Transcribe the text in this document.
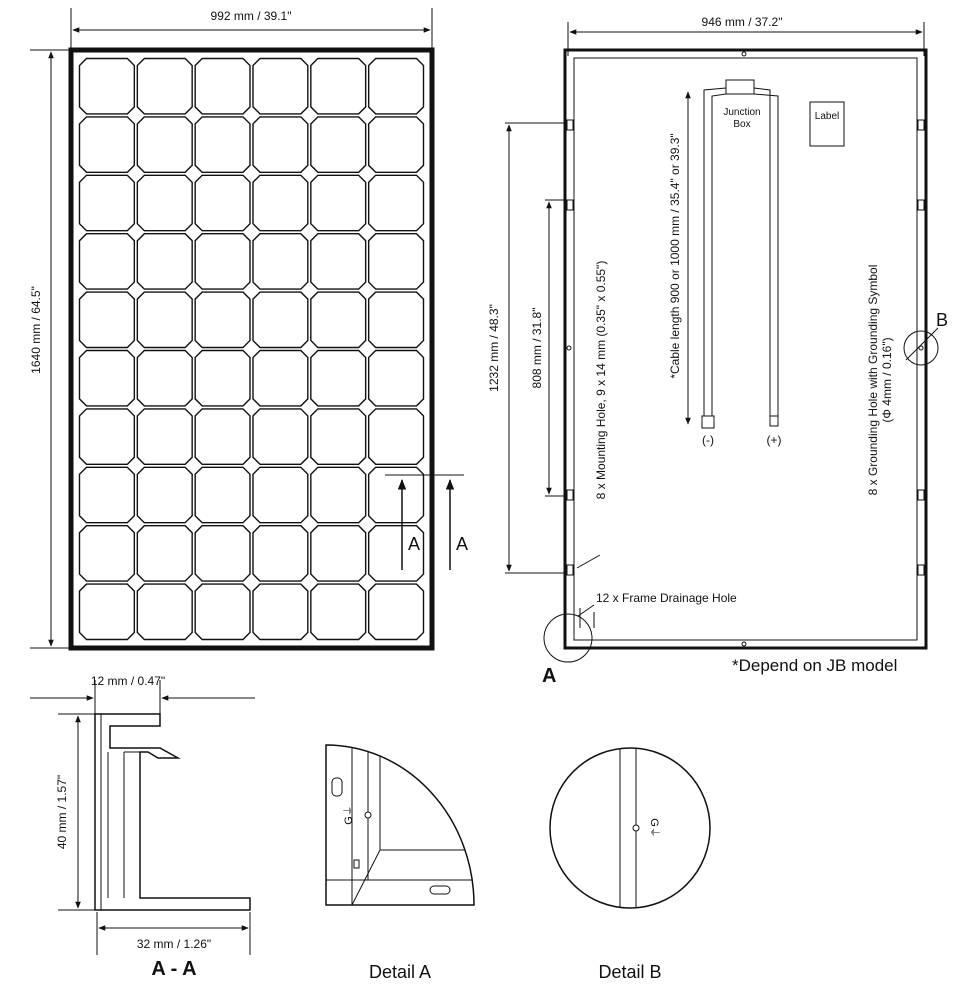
992 mm / 39.1"
1640 mm / 64.5"
A A
946 mm / 37.2"
1232 mm / 48.3" 808 mm / 31.8"	8 x Mounting Hole, 9 x 14 mm (0.35" x 0.55")
Junction
Box
(-)	(+)
*Cable length 900 or 1000 mm / 35.4" or 39.3"
Label
8 x Grounding Hole with Grounding Symbol (Φ 4mm / 0.16")
B
12 x Frame Drainage Hole
A	*Depend on JB model
12 mm / 0.47"
40 mm / 1.57"
32 mm / 1.26"
A - A
G⏚
Detail A
G⏚
Detail B
